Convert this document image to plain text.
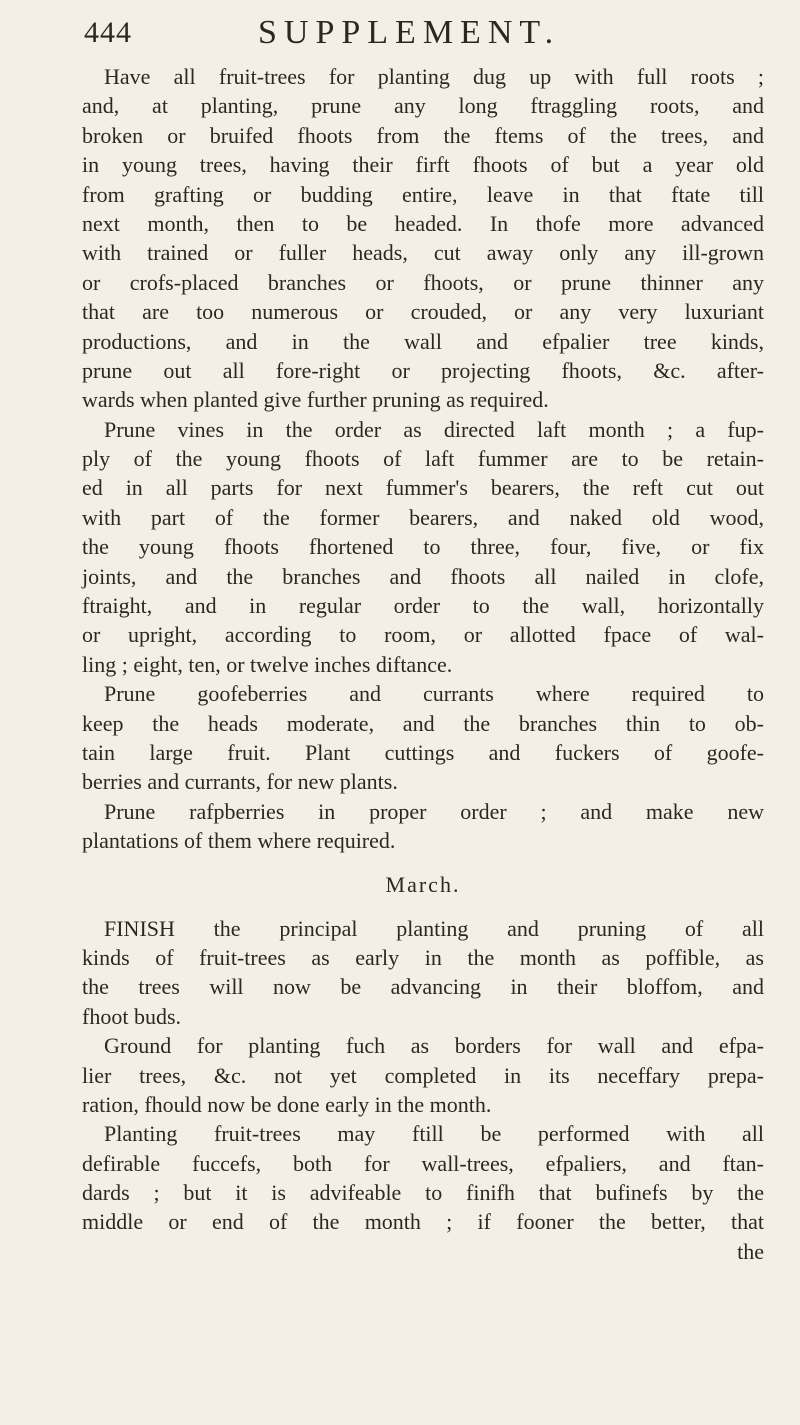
444	SUPPLEMENT.
Have all fruit-trees for planting dug up with full roots ;
and, at planting, prune any long ftraggling roots, and
broken or bruifed fhoots from the ftems of the trees, and
in young trees, having their firft fhoots of but a year old
from grafting or budding entire, leave in that ftate till
next month, then to be headed. In thofe more advanced
with trained or fuller heads, cut away only any ill-grown
or crofs-placed branches or fhoots, or prune thinner any
that are too numerous or crouded, or any very luxuriant
productions, and in the wall and efpalier tree kinds,
prune out all fore-right or projecting fhoots, &c. after-
wards when planted give further pruning as required.
Prune vines in the order as directed laft month ; a fup-
ply of the young fhoots of laft fummer are to be retain-
ed in all parts for next fummer's bearers, the reft cut out
with part of the former bearers, and naked old wood,
the young fhoots fhortened to three, four, five, or fix
joints, and the branches and fhoots all nailed in clofe,
ftraight, and in regular order to the wall, horizontally
or upright, according to room, or allotted fpace of wal-
ling ; eight, ten, or twelve inches diftance.
Prune goofeberries and currants where required to
keep the heads moderate, and the branches thin to ob-
tain large fruit. Plant cuttings and fuckers of goofe-
berries and currants, for new plants.
Prune rafpberries in proper order ; and make new
plantations of them where required.
March.
FINISH the principal planting and pruning of all
kinds of fruit-trees as early in the month as poffible, as
the trees will now be advancing in their bloffom, and
fhoot buds.
Ground for planting fuch as borders for wall and efpa-
lier trees, &c. not yet completed in its neceffary prepa-
ration, fhould now be done early in the month.
Planting fruit-trees may ftill be performed with all
defirable fuccefs, both for wall-trees, efpaliers, and ftan-
dards ; but it is advifeable to finifh that bufinefs by the
middle or end of the month ; if fooner the better, that
the
